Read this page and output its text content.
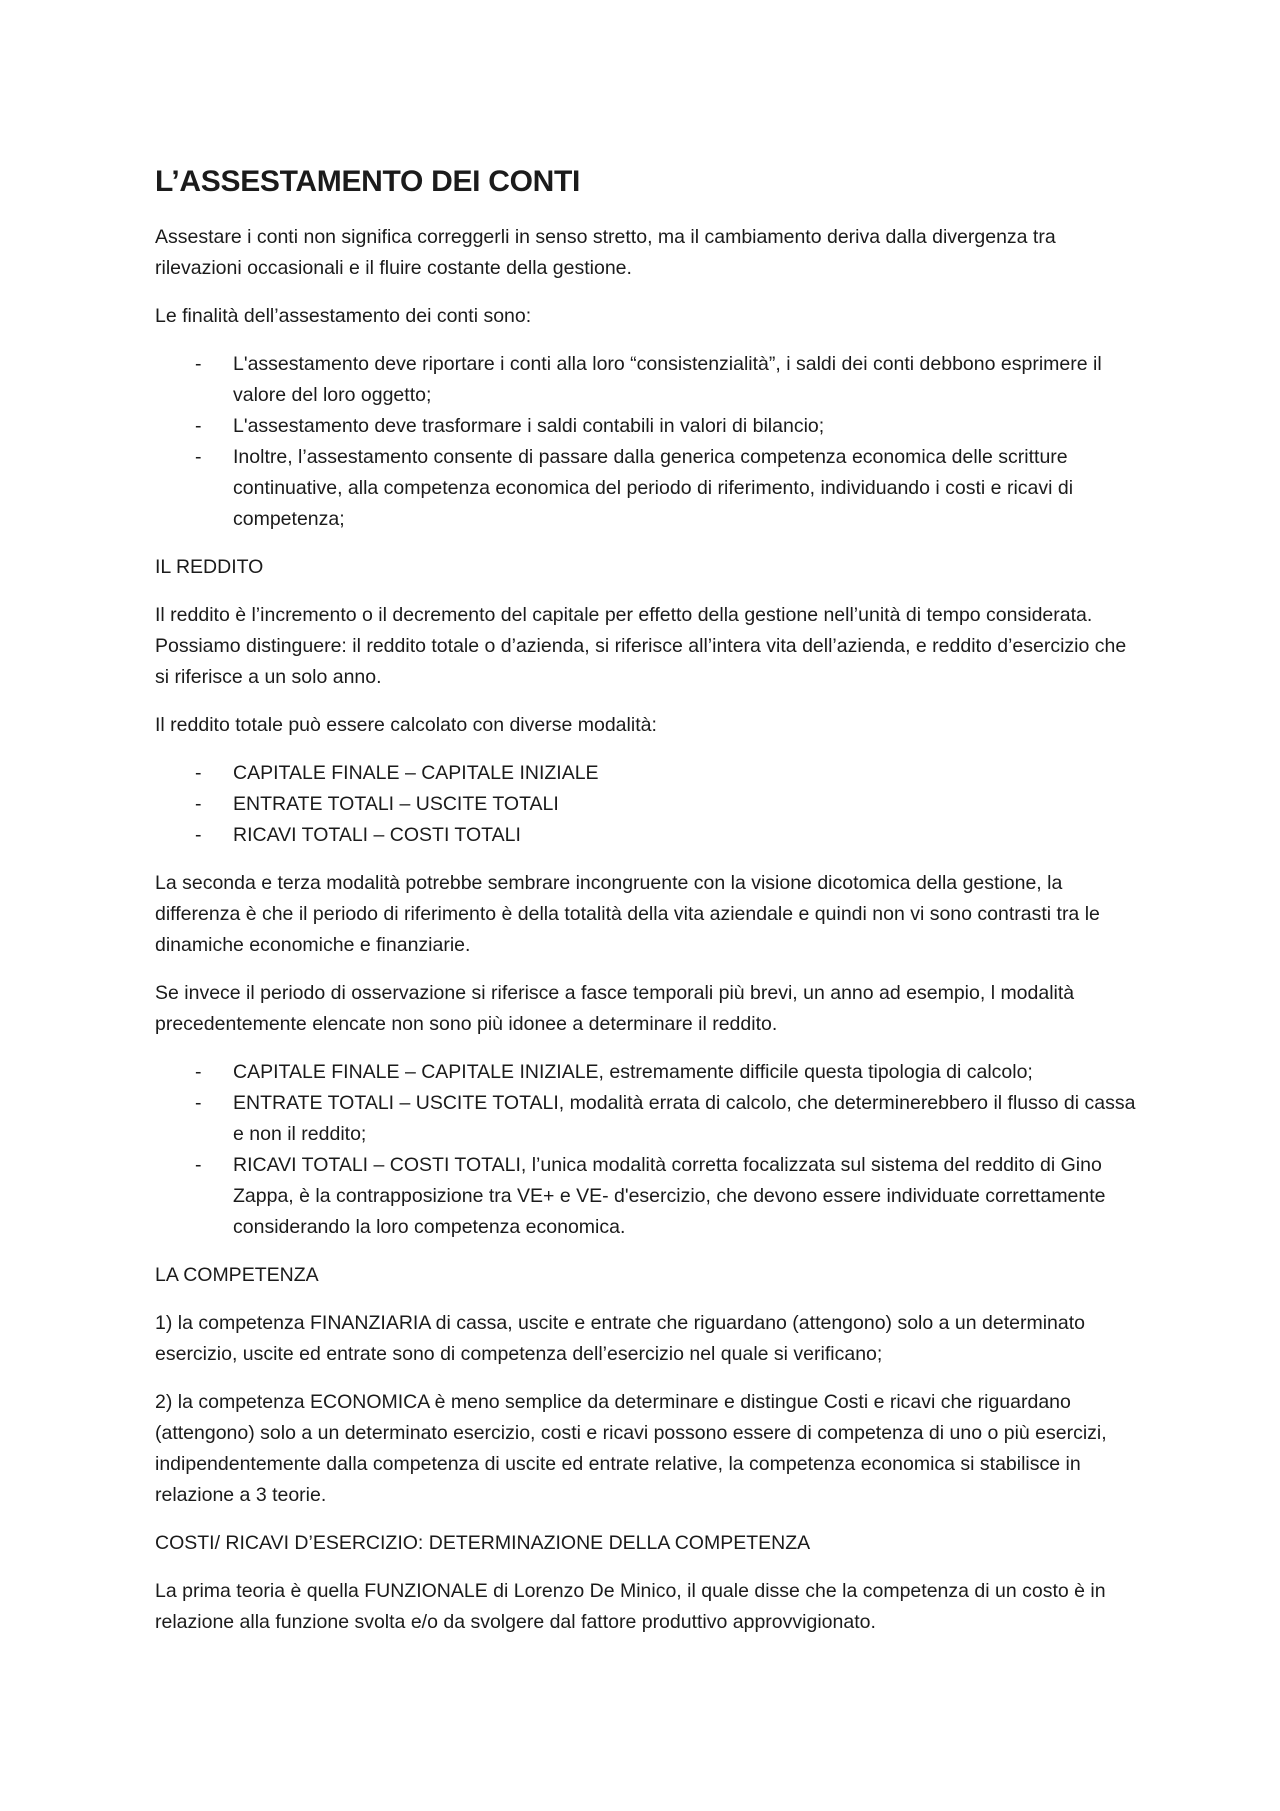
L’ASSESTAMENTO DEI CONTI

Assestare i conti non significa correggerli in senso stretto, ma il cambiamento deriva dalla divergenza tra rilevazioni occasionali e il fluire costante della gestione.

Le finalità dell’assestamento dei conti sono:

- L'assestamento deve riportare i conti alla loro “consistenzialità”, i saldi dei conti debbono esprimere il valore del loro oggetto;
- L'assestamento deve trasformare i saldi contabili in valori di bilancio;
- Inoltre, l’assestamento consente di passare dalla generica competenza economica delle scritture continuative, alla competenza economica del periodo di riferimento, individuando i costi e ricavi di competenza;
IL REDDITO

Il reddito è l’incremento o il decremento del capitale per effetto della gestione nell’unità di tempo considerata. Possiamo distinguere: il reddito totale o d’azienda, si riferisce all’intera vita dell’azienda, e reddito d’esercizio che si riferisce a un solo anno.

Il reddito totale può essere calcolato con diverse modalità:

- CAPITALE FINALE – CAPITALE INIZIALE
- ENTRATE TOTALI – USCITE TOTALI
- RICAVI TOTALI – COSTI TOTALI

La seconda e terza modalità potrebbe sembrare incongruente con la visione dicotomica della gestione, la differenza è che il periodo di riferimento è della totalità della vita aziendale e quindi non vi sono contrasti tra le dinamiche economiche e finanziarie.

Se invece il periodo di osservazione si riferisce a fasce temporali più brevi, un anno ad esempio, l modalità precedentemente elencate non sono più idonee a determinare il reddito.

- CAPITALE FINALE – CAPITALE INIZIALE, estremamente difficile questa tipologia di calcolo;
- ENTRATE TOTALI – USCITE TOTALI, modalità errata di calcolo, che determinerebbero il flusso di cassa e non il reddito;
- RICAVI TOTALI – COSTI TOTALI, l’unica modalità corretta focalizzata sul sistema del reddito di Gino Zappa, è la contrapposizione tra VE+ e VE- d'esercizio, che devono essere individuate correttamente considerando la loro competenza economica.
LA COMPETENZA

1) la competenza FINANZIARIA di cassa, uscite e entrate che riguardano (attengono) solo a un determinato esercizio, uscite ed entrate sono di competenza dell’esercizio nel quale si verificano;

2) la competenza ECONOMICA è meno semplice da determinare e distingue Costi e ricavi che riguardano (attengono) solo a un determinato esercizio, costi e ricavi possono essere di competenza di uno o più esercizi, indipendentemente dalla competenza di uscite ed entrate relative, la competenza economica si stabilisce in relazione a 3 teorie.

COSTI/ RICAVI D’ESERCIZIO: DETERMINAZIONE DELLA COMPETENZA

La prima teoria è quella FUNZIONALE di Lorenzo De Minico, il quale disse che la competenza di un costo è in relazione alla funzione svolta e/o da svolgere dal fattore produttivo approvvigionato.
